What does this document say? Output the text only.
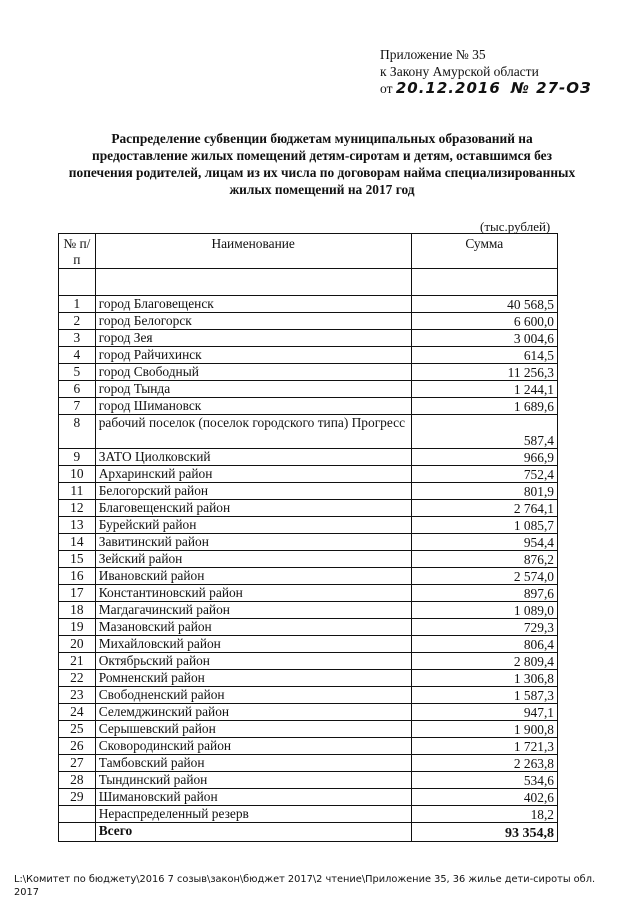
Приложение № 35
к Закону Амурской области
от 20.12.2016 № 27-ОЗ
Распределение субвенции бюджетам муниципальных образований на предоставление жилых помещений детям-сиротам и детям, оставшимся без попечения родителей, лицам из их числа по договорам найма специализированных жилых помещений на 2017 год
(тыс.рублей)
№ п/п	Наименование	Сумма

1	город Благовещенск	40 568,5
2	город Белогорск	6 600,0
3	город Зея	3 004,6
4	город Райчихинск	614,5
5	город Свободный	11 256,3
6	город Тында	1 244,1
7	город Шимановск	1 689,6
8	рабочий поселок (поселок городского типа) Прогресс	587,4
9	ЗАТО Циолковский	966,9
10	Архаринский район	752,4
11	Белогорский район	801,9
12	Благовещенский район	2 764,1
13	Бурейский район	1 085,7
14	Завитинский район	954,4
15	Зейский район	876,2
16	Ивановский район	2 574,0
17	Константиновский район	897,6
18	Магдагачинский район	1 089,0
19	Мазановский район	729,3
20	Михайловский район	806,4
21	Октябрьский район	2 809,4
22	Ромненский район	1 306,8
23	Свободненский район	1 587,3
24	Селемджинский район	947,1
25	Серышевский район	1 900,8
26	Сковородинский район	1 721,3
27	Тамбовский район	2 263,8
28	Тындинский район	534,6
29	Шимановский район	402,6
	Нераспределенный резерв	18,2
	Всего	93 354,8
L:\Комитет по бюджету\2016 7 созыв\закон\бюджет 2017\2 чтение\Приложение 35, 36 жилье дети-сироты обл. 2017
